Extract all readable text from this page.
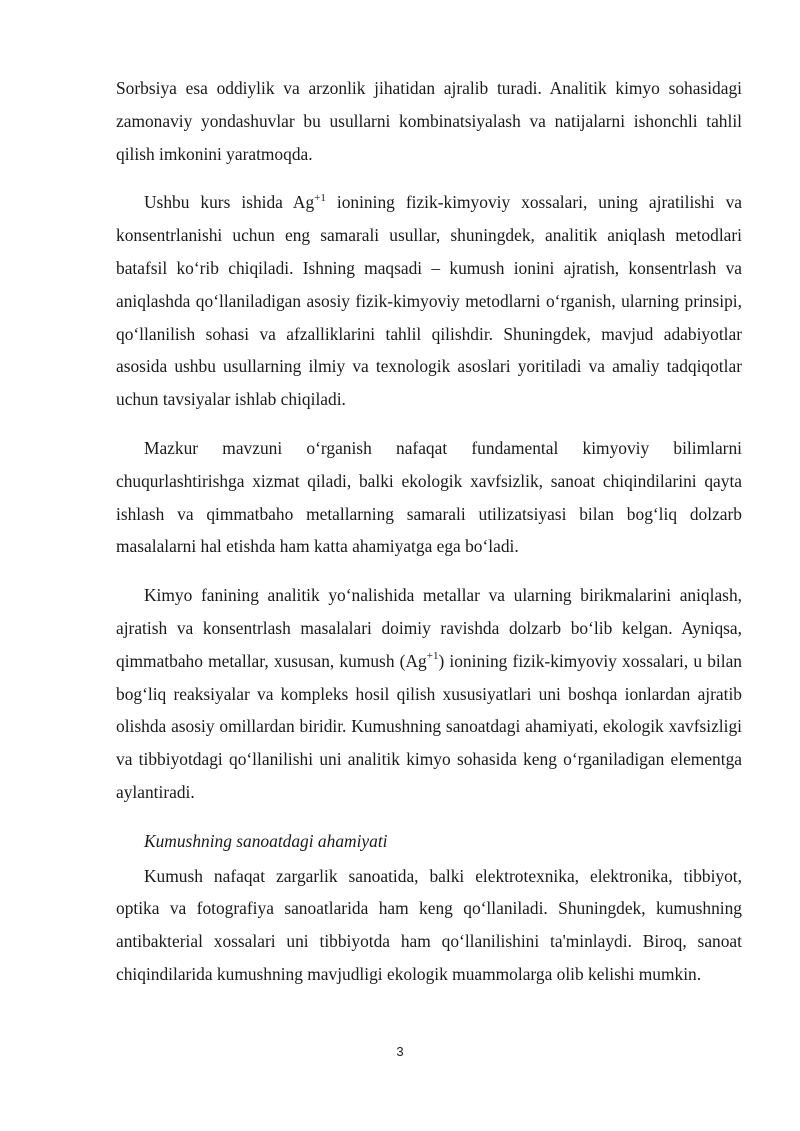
Sorbsiya esa oddiylik va arzonlik jihatidan ajralib turadi. Analitik kimyo sohasidagi zamonaviy yondashuvlar bu usullarni kombinatsiyalash va natijalarni ishonchli tahlil qilish imkonini yaratmoqda.

Ushbu kurs ishida $Ag^{+1}$ ionining fizik-kimyoviy xossalari, uning ajratilishi va konsentrlanishi uchun eng samarali usullar, shuningdek, analitik aniqlash metodlari batafsil koʻrib chiqiladi. Ishning maqsadi – kumush ionini ajratish, konsentrlash va aniqlashda qoʻllaniladigan asosiy fizik-kimyoviy metodlarni oʻrganish, ularning prinsipi, qoʻllanilish sohasi va afzalliklarini tahlil qilishdir. Shuningdek, mavjud adabiyotlar asosida ushbu usullarning ilmiy va texnologik asoslari yoritiladi va amaliy tadqiqotlar uchun tavsiyalar ishlab chiqiladi.

Mazkur mavzuni oʻrganish nafaqat fundamental kimyoviy bilimlarni chuqurlashtirishga xizmat qiladi, balki ekologik xavfsizlik, sanoat chiqindilarini qayta ishlash va qimmatbaho metallarning samarali utilizatsiyasi bilan bogʻliq dolzarb masalalarni hal etishda ham katta ahamiyatga ega boʻladi.

Kimyo fanining analitik yoʻnalishida metallar va ularning birikmalarini aniqlash, ajratish va konsentrlash masalalari doimiy ravishda dolzarb boʻlib kelgan. Ayniqsa, qimmatbaho metallar, xususan, kumush $(Ag^{+1})$ ionining fizik-kimyoviy xossalari, u bilan bogʻliq reaksiyalar va kompleks hosil qilish xususiyatlari uni boshqa ionlardan ajratib olishda asosiy omillardan biridir. Kumushning sanoatdagi ahamiyati, ekologik xavfsizligi va tibbiyotdagi qoʻllanilishi uni analitik kimyo sohasida keng oʻrganiladigan elementga aylantiradi.

Kumushning sanoatdagi ahamiyati

Kumush nafaqat zargarlik sanoatida, balki elektrotexnika, elektronika, tibbiyot, optika va fotografiya sanoatlarida ham keng qoʻllaniladi. Shuningdek, kumushning antibakterial xossalari uni tibbiyotda ham qoʻllanilishini ta'minlaydi. Biroq, sanoat chiqindilarida kumushning mavjudligi ekologik muammolarga olib kelishi mumkin.

3
